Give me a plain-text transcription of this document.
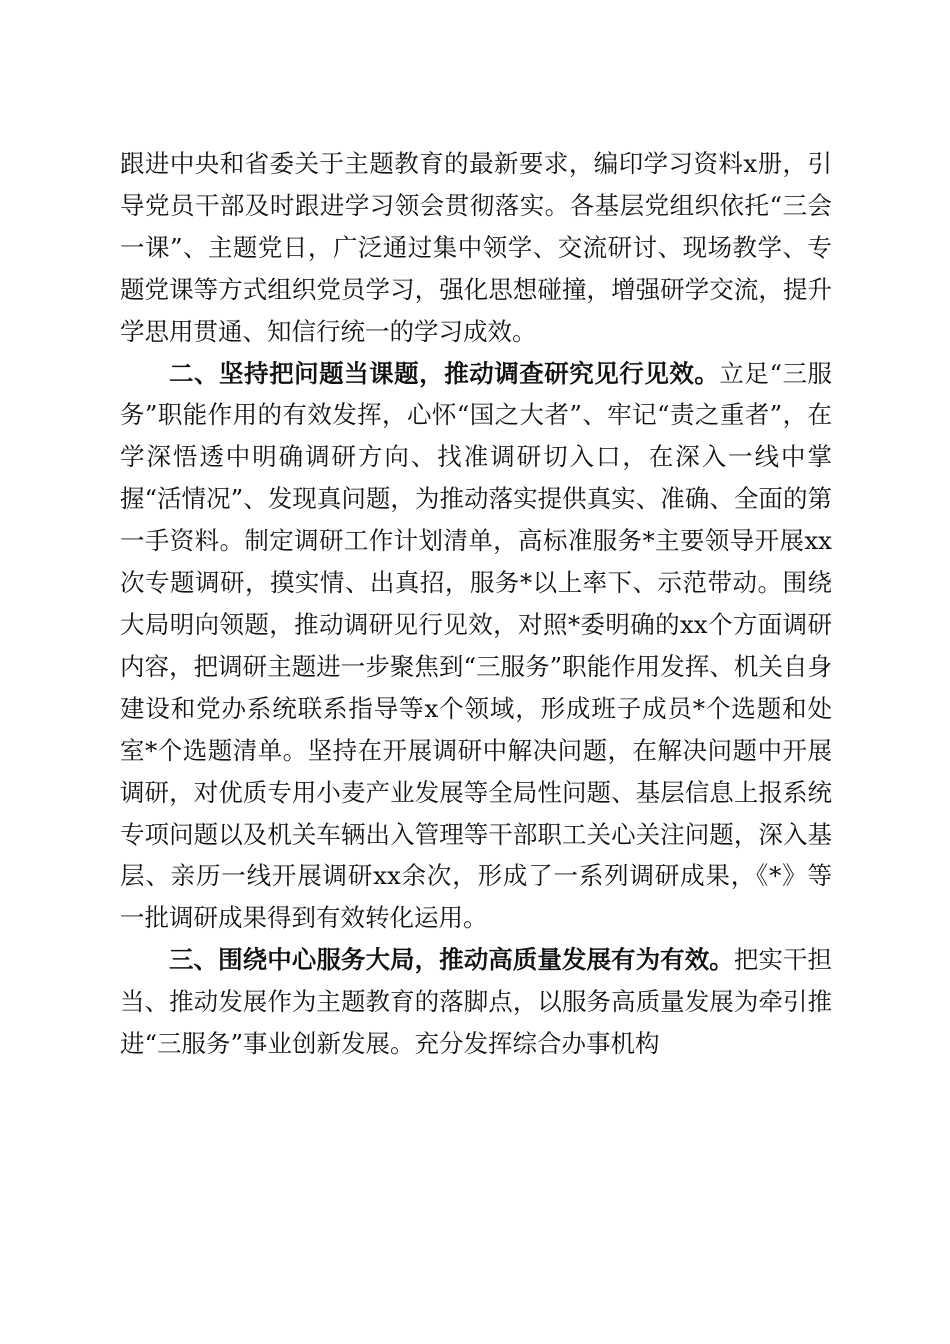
跟进中央和省委关于主题教育的最新要求，编印学习资料x册，引导党员干部及时跟进学习领会贯彻落实。各基层党组织依托“三会一课”、主题党日，广泛通过集中领学、交流研讨、现场教学、专题党课等方式组织党员学习，强化思想碰撞，增强研学交流，提升学思用贯通、知信行统一的学习成效。

二、坚持把问题当课题，推动调查研究见行见效。立足“三服务”职能作用的有效发挥，心怀“国之大者”、牢记“责之重者”，在学深悟透中明确调研方向、找准调研切入口，在深入一线中掌握“活情况”、发现真问题，为推动落实提供真实、准确、全面的第一手资料。制定调研工作计划清单，高标准服务*主要领导开展xx次专题调研，摸实情、出真招，服务*以上率下、示范带动。围绕大局明向领题，推动调研见行见效，对照*委明确的xx个方面调研内容，把调研主题进一步聚焦到“三服务”职能作用发挥、机关自身建设和党办系统联系指导等x个领域，形成班子成员*个选题和处室*个选题清单。坚持在开展调研中解决问题，在解决问题中开展调研，对优质专用小麦产业发展等全局性问题、基层信息上报系统专项问题以及机关车辆出入管理等干部职工关心关注问题，深入基层、亲历一线开展调研xx余次，形成了一系列调研成果，《*》等一批调研成果得到有效转化运用。

三、围绕中心服务大局，推动高质量发展有为有效。把实干担当、推动发展作为主题教育的落脚点，以服务高质量发展为牵引推进“三服务”事业创新发展。充分发挥综合办事机构
